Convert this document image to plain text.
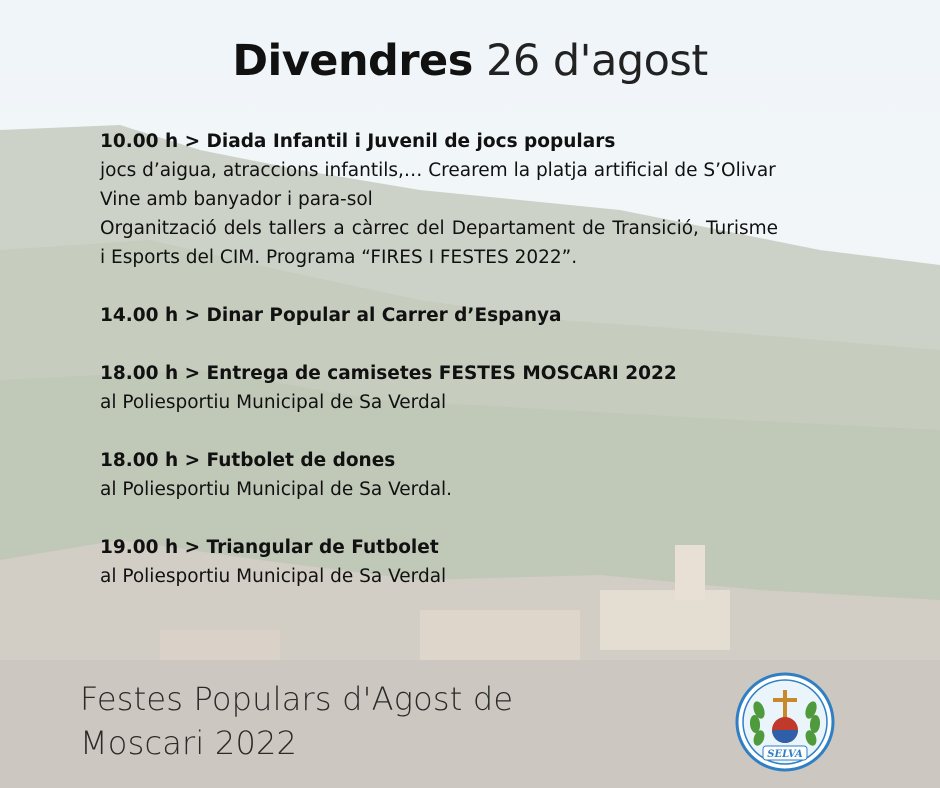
Divendres 26 d'agost
10.00 h > Diada Infantil i Juvenil de jocs populars
jocs d’aigua, atraccions infantils,… Crearem la platja artificial de S’Olivar
Vine amb banyador i para-sol
Organització dels tallers a càrrec del Departament de Transició, Turisme i Esports del CIM. Programa “FIRES I FESTES 2022”.
14.00 h > Dinar Popular al Carrer d’Espanya
18.00 h > Entrega de camisetes FESTES MOSCARI 2022
al Poliesportiu Municipal de Sa Verdal
18.00 h > Futbolet de dones
al Poliesportiu Municipal de Sa Verdal.
19.00 h > Triangular de Futbolet
al Poliesportiu Municipal de Sa Verdal
Festes Populars d'Agost de
Moscari 2022	SELVA
